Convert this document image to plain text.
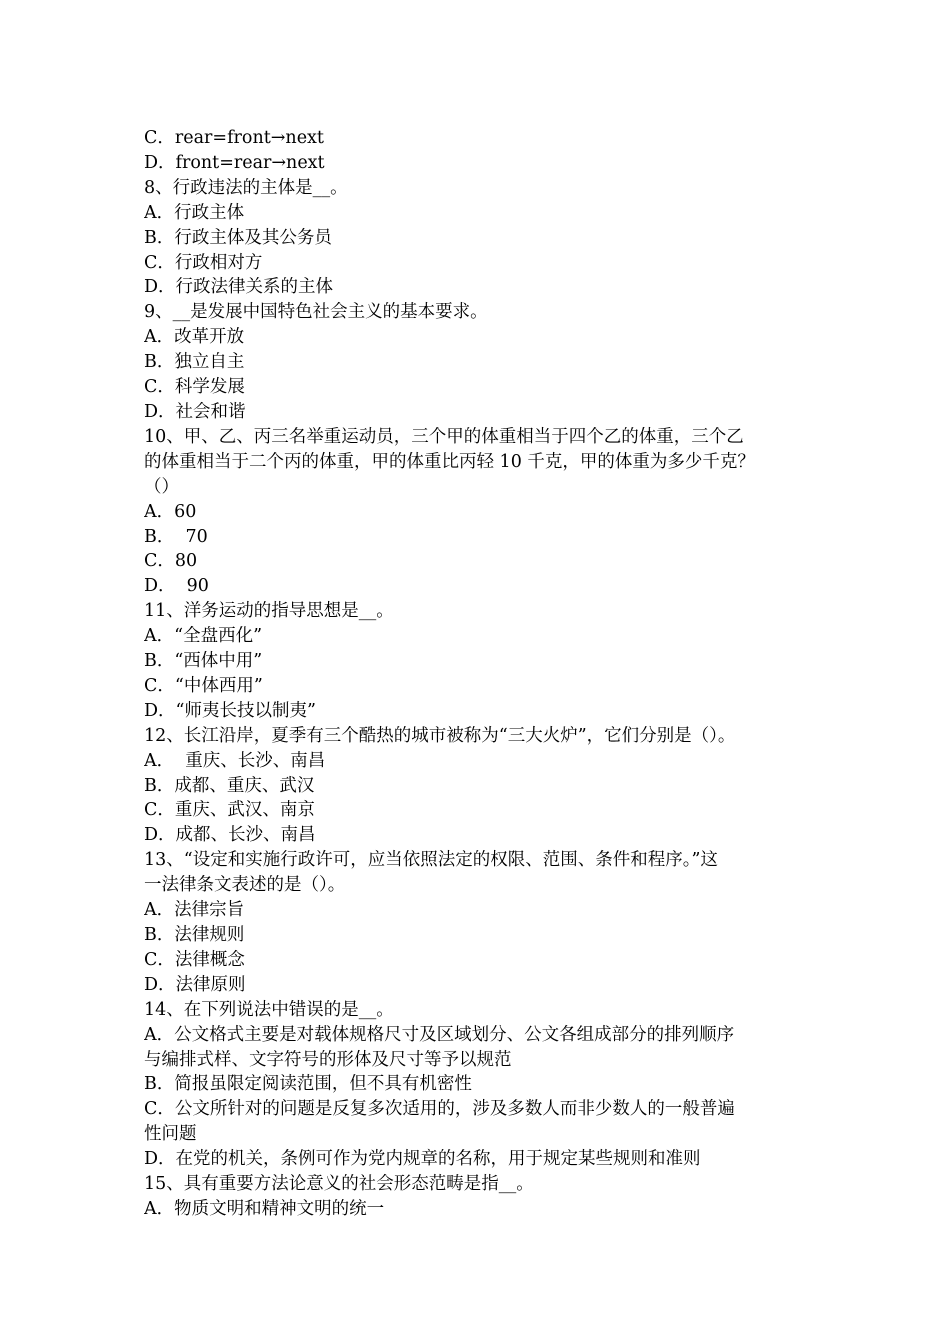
C．rear=front→next
D．front=rear→next
8、行政违法的主体是__。
A．行政主体
B．行政主体及其公务员
C．行政相对方
D．行政法律关系的主体
9、__是发展中国特色社会主义的基本要求。
A．改革开放
B．独立自主
C．科学发展
D．社会和谐
10、甲、乙、丙三名举重运动员，三个甲的体重相当于四个乙的体重，三个乙
的体重相当于二个丙的体重，甲的体重比丙轻 10 千克，甲的体重为多少千克？
（）
A．60
B．  70
C．80
D．  90
11、洋务运动的指导思想是__。
A．“全盘西化”
B．“西体中用”
C．“中体西用”
D．“师夷长技以制夷”
12、长江沿岸，夏季有三个酷热的城市被称为“三大火炉”，它们分别是（）。
A．  重庆、长沙、南昌
B．成都、重庆、武汉
C．重庆、武汉、南京
D．成都、长沙、南昌
13、“设定和实施行政许可，应当依照法定的权限、范围、条件和程序。”这
一法律条文表述的是（）。
A．法律宗旨
B．法律规则
C．法律概念
D．法律原则
14、在下列说法中错误的是__。
A．公文格式主要是对载体规格尺寸及区域划分、公文各组成部分的排列顺序
与编排式样、文字符号的形体及尺寸等予以规范
B．简报虽限定阅读范围，但不具有机密性
C．公文所针对的问题是反复多次适用的，涉及多数人而非少数人的一般普遍
性问题
D．在党的机关，条例可作为党内规章的名称，用于规定某些规则和准则
15、具有重要方法论意义的社会形态范畴是指__。
A．物质文明和精神文明的统一
